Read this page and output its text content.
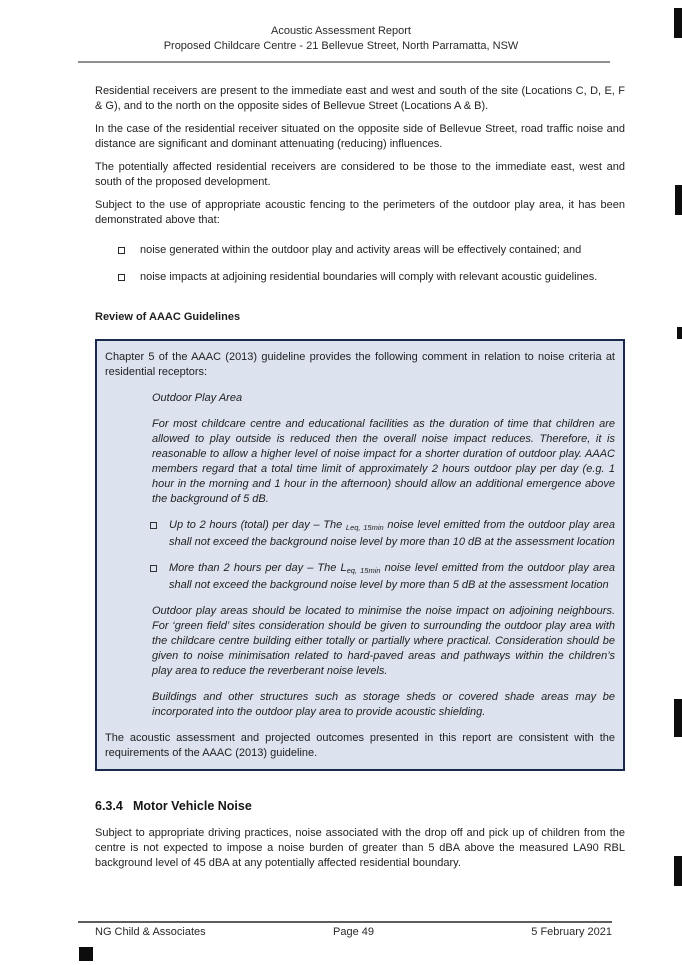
Acoustic Assessment Report
Proposed Childcare Centre - 21 Bellevue Street, North Parramatta, NSW

Residential receivers are present to the immediate east and west and south of the site (Locations C, D, E, F & G), and to the north on the opposite sides of Bellevue Street (Locations A & B).

In the case of the residential receiver situated on the opposite side of Bellevue Street, road traffic noise and distance are significant and dominant attenuating (reducing) influences.

The potentially affected residential receivers are considered to be those to the immediate east, west and south of the proposed development.

Subject to the use of appropriate acoustic fencing to the perimeters of the outdoor play area, it has been demonstrated above that:

noise generated within the outdoor play and activity areas will be effectively contained; and
noise impacts at adjoining residential boundaries will comply with relevant acoustic guidelines.

Review of AAAC Guidelines

Chapter 5 of the AAAC (2013) guideline provides the following comment in relation to noise criteria at residential receptors:

Outdoor Play Area

For most childcare centre and educational facilities as the duration of time that children are allowed to play outside is reduced then the overall noise impact reduces. Therefore, it is reasonable to allow a higher level of noise impact for a shorter duration of outdoor play. AAAC members regard that a total time limit of approximately 2 hours outdoor play per day (e.g. 1 hour in the morning and 1 hour in the afternoon) should allow an additional emergence above the background of 5 dB.

Up to 2 hours (total) per day – The Leq, 15min noise level emitted from the outdoor play area shall not exceed the background noise level by more than 10 dB at the assessment location
More than 2 hours per day – The Leq, 15min noise level emitted from the outdoor play area shall not exceed the background noise level by more than 5 dB at the assessment location

Outdoor play areas should be located to minimise the noise impact on adjoining neighbours. For ‘green field’ sites consideration should be given to surrounding the outdoor play area with the childcare centre building either totally or partially where practical. Consideration should be given to noise minimisation related to hard-paved areas and pathways within the children’s play area to reduce the reverberant noise levels.

Buildings and other structures such as storage sheds or covered shade areas may be incorporated into the outdoor play area to provide acoustic shielding.

The acoustic assessment and projected outcomes presented in this report are consistent with the requirements of the AAAC (2013) guideline.

6.3.4 Motor Vehicle Noise

Subject to appropriate driving practices, noise associated with the drop off and pick up of children from the centre is not expected to impose a noise burden of greater than 5 dBA above the measured LA90 RBL background level of 45 dBA at any potentially affected residential boundary.

NG Child & Associates	Page 49	5 February 2021
